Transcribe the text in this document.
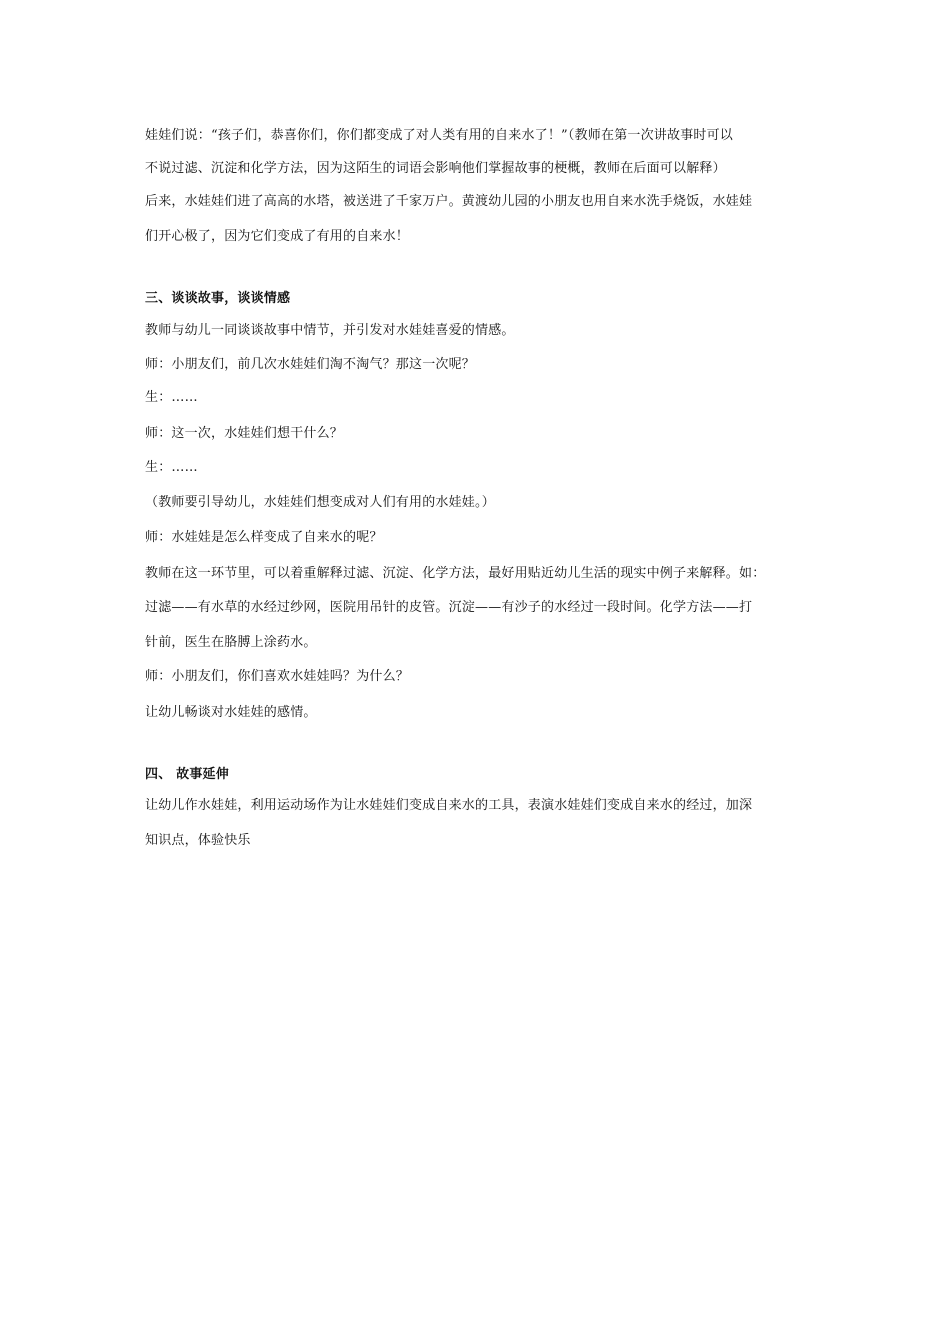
娃娃们说：“孩子们，恭喜你们，你们都变成了对人类有用的自来水了！”（教师在第一次讲故事时可以
不说过滤、沉淀和化学方法，因为这陌生的词语会影响他们掌握故事的梗概，教师在后面可以解释）
后来，水娃娃们进了高高的水塔，被送进了千家万户。黄渡幼儿园的小朋友也用自来水洗手烧饭，水娃娃
们开心极了，因为它们变成了有用的自来水！
三、谈谈故事，谈谈情感
教师与幼儿一同谈谈故事中情节，并引发对水娃娃喜爱的情感。
师：小朋友们，前几次水娃娃们淘不淘气？那这一次呢？
生：……
师：这一次，水娃娃们想干什么？
生：……
（教师要引导幼儿，水娃娃们想变成对人们有用的水娃娃。）
师：水娃娃是怎么样变成了自来水的呢？
教师在这一环节里，可以着重解释过滤、沉淀、化学方法，最好用贴近幼儿生活的现实中例子来解释。如：
过滤——有水草的水经过纱网，医院用吊针的皮管。沉淀——有沙子的水经过一段时间。化学方法——打
针前，医生在胳膊上涂药水。
师：小朋友们，你们喜欢水娃娃吗？为什么？
让幼儿畅谈对水娃娃的感情。
四、 故事延伸
让幼儿作水娃娃，利用运动场作为让水娃娃们变成自来水的工具，表演水娃娃们变成自来水的经过，加深
知识点，体验快乐
